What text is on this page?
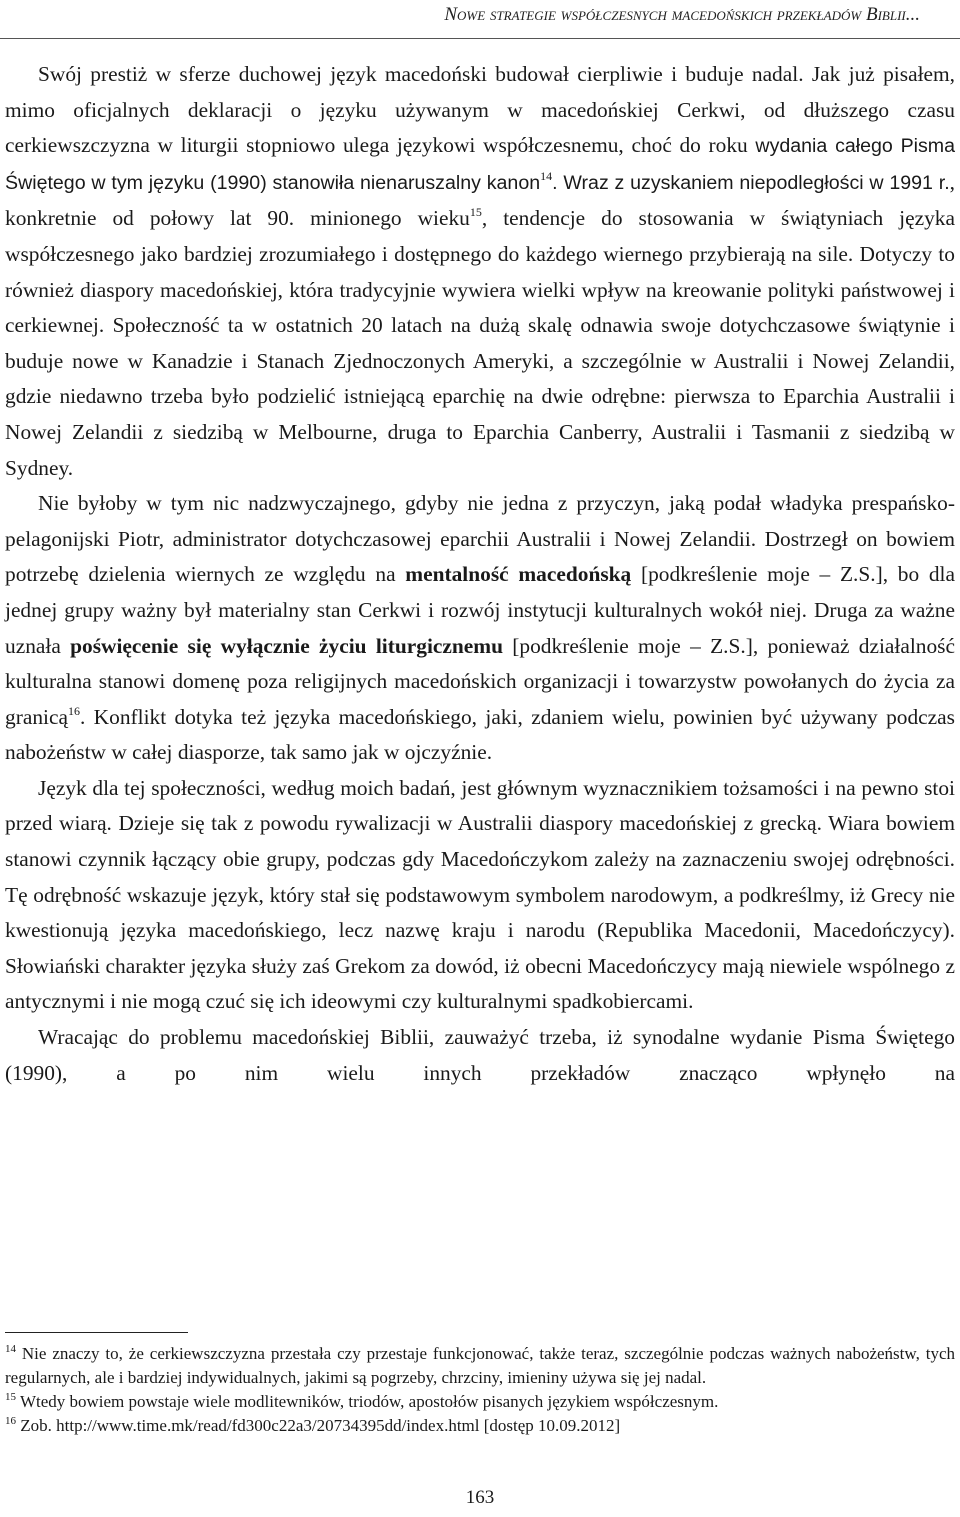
Nowe strategie współczesnych macedońskich przekładów Biblii...

Swój prestiż w sferze duchowej język macedoński budował cierpliwie i buduje nadal. Jak już pisałem, mimo oficjalnych deklaracji o języku używanym w macedońskiej Cerkwi, od dłuższego czasu cerkiewszczyzna w liturgii stopniowo ulega językowi współczesnemu, choć do roku wydania całego Pisma Świętego w tym języku (1990) stanowiła nienaruszalny kanon$^{14}$. Wraz z uzyskaniem niepodległości w 1991 r., konkretnie od połowy lat 90. minionego wieku$^{15}$, tendencje do stosowania w świątyniach języka współczesnego jako bardziej zrozumiałego i dostępnego do każdego wiernego przybierają na sile. Dotyczy to również diaspory macedońskiej, która tradycyjnie wywiera wielki wpływ na kreowanie polityki państwowej i cerkiewnej. Społeczność ta w ostatnich 20 latach na dużą skalę odnawia swoje dotychczasowe świątynie i buduje nowe w Kanadzie i Stanach Zjednoczonych Ameryki, a szczególnie w Australii i Nowej Zelandii, gdzie niedawno trzeba było podzielić istniejącą eparchię na dwie odrębne: pierwsza to Eparchia Australii i Nowej Zelandii z siedzibą w Melbourne, druga to Eparchia Canberry, Australii i Tasmanii z siedzibą w Sydney.

Nie byłoby w tym nic nadzwyczajnego, gdyby nie jedna z przyczyn, jaką podał władyka prespańsko-pelagonijski Piotr, administrator dotychczasowej eparchii Australii i Nowej Zelandii. Dostrzegł on bowiem potrzebę dzielenia wiernych ze względu na mentalność macedońską [podkreślenie moje – Z.S.], bo dla jednej grupy ważny był materialny stan Cerkwi i rozwój instytucji kulturalnych wokół niej. Druga za ważne uznała poświęcenie się wyłącznie życiu liturgicznemu [podkreślenie moje – Z.S.], ponieważ działalność kulturalna stanowi domenę poza religijnych macedońskich organizacji i towarzystw powołanych do życia za granicą$^{16}$. Konflikt dotyka też języka macedońskiego, jaki, zdaniem wielu, powinien być używany podczas nabożeństw w całej diasporze, tak samo jak w ojczyźnie.

Język dla tej społeczności, według moich badań, jest głównym wyznacznikiem tożsamości i na pewno stoi przed wiarą. Dzieje się tak z powodu rywalizacji w Australii diaspory macedońskiej z grecką. Wiara bowiem stanowi czynnik łączący obie grupy, podczas gdy Macedończykom zależy na zaznaczeniu swojej odrębności. Tę odrębność wskazuje język, który stał się podstawowym symbolem narodowym, a podkreślmy, iż Grecy nie kwestionują języka macedońskiego, lecz nazwę kraju i narodu (Republika Macedonii, Macedończycy). Słowiański charakter języka służy zaś Grekom za dowód, iż obecni Macedończycy mają niewiele wspólnego z antycznymi i nie mogą czuć się ich ideowymi czy kulturalnymi spadkobiercami.

Wracając do problemu macedońskiej Biblii, zauważyć trzeba, iż synodalne wydanie Pisma Świętego (1990), a po nim wielu innych przekładów znacząco wpłynęło na

$^{14}$ Nie znaczy to, że cerkiewszczyzna przestała czy przestaje funkcjonować, także teraz, szczególnie podczas ważnych nabożeństw, tych regularnych, ale i bardziej indywidualnych, jakimi są pogrzeby, chrzciny, imieniny używa się jej nadal.

$^{15}$ Wtedy bowiem powstaje wiele modlitewników, triodów, apostołów pisanych językiem współczesnym.

$^{16}$ Zob. http://www.time.mk/read/fd300c22a3/20734395dd/index.html [dostęp 10.09.2012]

163
